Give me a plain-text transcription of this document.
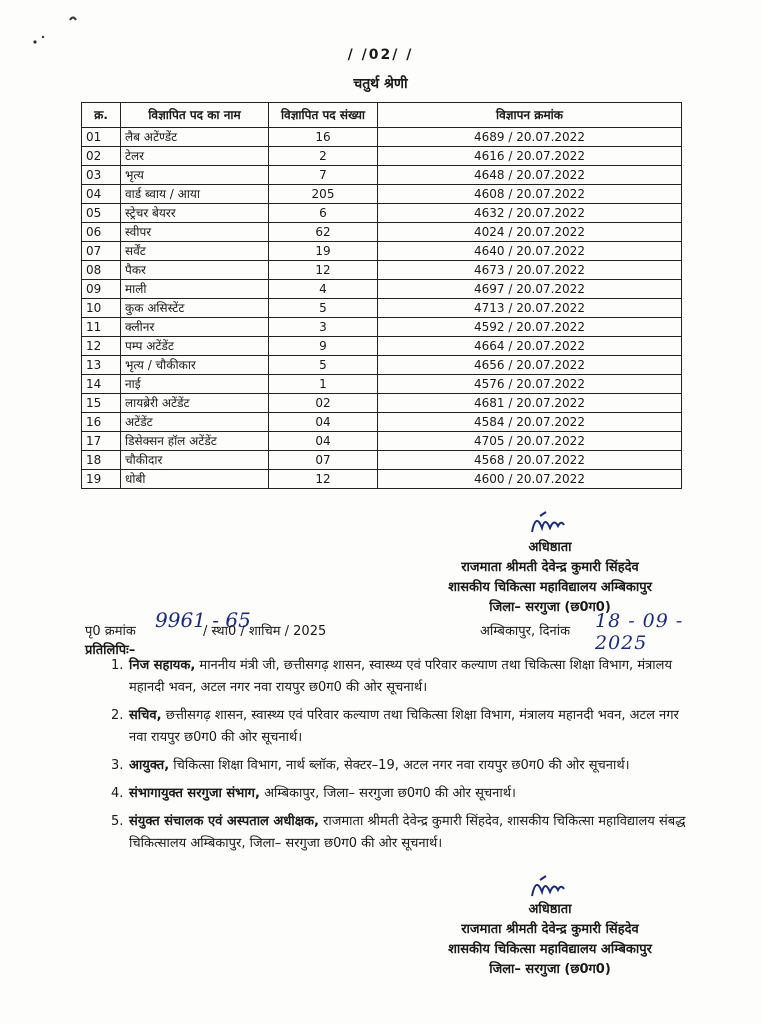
/ /02/ /
चतुर्थ श्रेणी
क्र.	विज्ञापित पद का नाम	विज्ञापित पद संख्या	विज्ञापन क्रमांक
01	लैब अटेंण्डेंट	16	4689 / 20.07.2022
02	टेलर	2	4616 / 20.07.2022
03	भृत्य	7	4648 / 20.07.2022
04	वार्ड ब्वाय / आया	205	4608 / 20.07.2022
05	स्ट्रेचर बेयरर	6	4632 / 20.07.2022
06	स्वीपर	62	4024 / 20.07.2022
07	सर्वेंट	19	4640 / 20.07.2022
08	पैकर	12	4673 / 20.07.2022
09	माली	4	4697 / 20.07.2022
10	कुक असिस्टेंट	5	4713 / 20.07.2022
11	क्लीनर	3	4592 / 20.07.2022
12	पम्प अटेंडेंट	9	4664 / 20.07.2022
13	भृत्य / चौकीकार	5	4656 / 20.07.2022
14	नाई	1	4576 / 20.07.2022
15	लायब्रेरी अटेंडेंट	02	4681 / 20.07.2022
16	अटेंडेंट	04	4584 / 20.07.2022
17	डिसेक्सन हॉल अटेंडेंट	04	4705 / 20.07.2022
18	चौकीदार	07	4568 / 20.07.2022
19	धोबी	12	4600 / 20.07.2022
अधिष्ठाता
राजमाता श्रीमती देवेन्द्र कुमारी सिंहदेव
शासकीय चिकित्सा महाविद्यालय अम्बिकापुर
जिला– सरगुजा (छ0ग0)
पृ0 क्रमांक 9961 - 65
/ स्था0 / शाचिम / 2025	अम्बिकापुर, दिनांक 18 - 09 - 2025
प्रतिलिपिः–
1. निज सहायक, माननीय मंत्री जी, छत्तीसगढ़ शासन, स्वास्थ्य एवं परिवार कल्याण तथा चिकित्सा शिक्षा विभाग, मंत्रालय महानदी भवन, अटल नगर नवा रायपुर छ0ग0 की ओर सूचनार्थ।
2. सचिव, छत्तीसगढ़ शासन, स्वास्थ्य एवं परिवार कल्याण तथा चिकित्सा शिक्षा विभाग, मंत्रालय महानदी भवन, अटल नगर नवा रायपुर छ0ग0 की ओर सूचनार्थ।
3. आयुक्त, चिकित्सा शिक्षा विभाग, नार्थ ब्लॉक, सेक्टर–19, अटल नगर नवा रायपुर छ0ग0 की ओर सूचनार्थ।
4. संभागायुक्त सरगुजा संभाग, अम्बिकापुर, जिला– सरगुजा छ0ग0 की ओर सूचनार्थ।
5. संयुक्त संचालक एवं अस्पताल अधीक्षक, राजमाता श्रीमती देवेन्द्र कुमारी सिंहदेव, शासकीय चिकित्सा महाविद्यालय संबद्ध चिकित्सालय अम्बिकापुर, जिला– सरगुजा छ0ग0 की ओर सूचनार्थ।
अधिष्ठाता
राजमाता श्रीमती देवेन्द्र कुमारी सिंहदेव
शासकीय चिकित्सा महाविद्यालय अम्बिकापुर
जिला– सरगुजा (छ0ग0)
